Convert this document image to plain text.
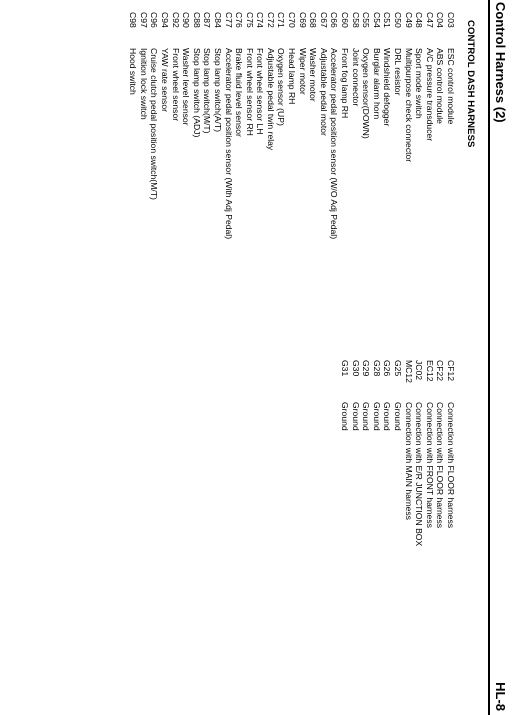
Control Harness (2)
HL-8
CONTROL DASH HARNESS
C03
ESC control module
C04
ABS control module
C47
A/C pressure transducer
C48
Sport mode switch
C49
Multipurpose check connector
C50
DRL resistor
C51
Windshield defogger
C54
Burglar alarm horn
C55
Oxygen sensor(DOWN)
C58
Joint connector
C60
Front fog lamp RH
C66
Accelerator pedal position sensor (W/O Adj Pedal)
C67
Adjustable pedal motor
C68
Washer motor
C69
Wiper motor
C70
Head lamp RH
C71
Oxygen sensor (UP)
C72
Adjustable pedal twin relay
C74
Front wheel sensor LH
C75
Front wheel sensor RH
C76
Brake fluid level sensor
C77
Accelerator pedal position sensor (With Adj Pedal)
C84
Stop lamp switch(A/T)
C87
Stop lamp switch(M/T)
C88
Stop lamp switch (ADJ)
C90
Washer level sensor
C92
Front wheel sensor
C94
YAW rate sensor
C96
Cruise clutch pedal position switch(M/T)
C97
Ignition lock switch
C98
Hood switch
CF12
Connection with FLOOR harness
CF22
Connection with FLOOR harness
EC12
Connection with FRONT harness
JC02
Connection with E/R JUNCTION BOX
MC12
Connection with MAIN harness
G25
Ground
G26
Ground
G28
Ground
G29
Ground
G30
Ground
G31
Ground
